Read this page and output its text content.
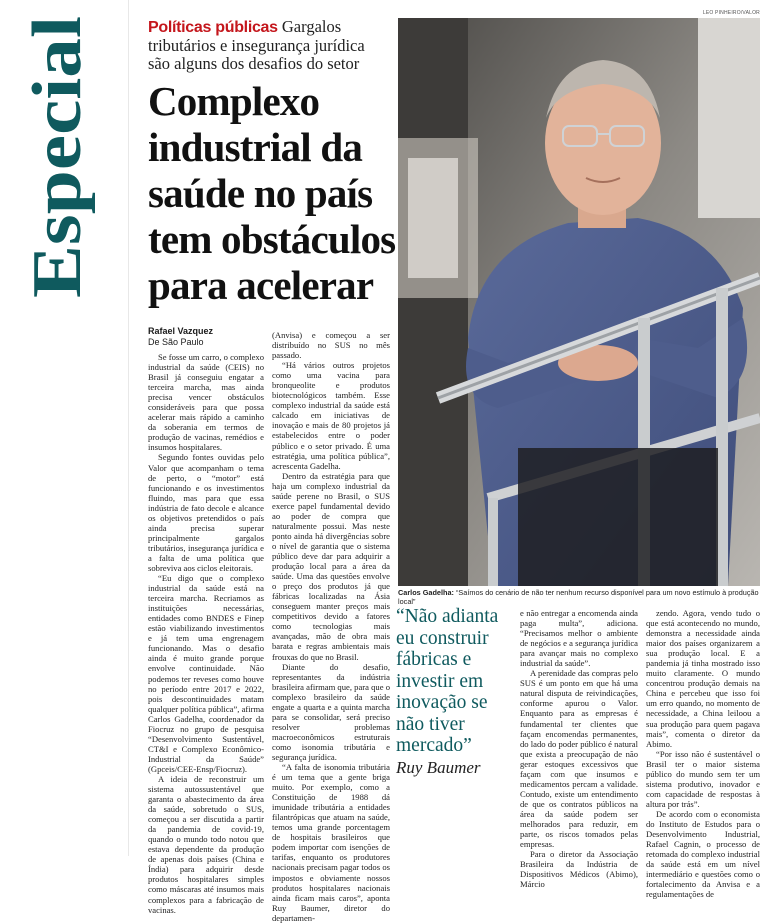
Especial
Políticas públicas Gargalos tributários e insegurança jurídica são alguns dos desafios do setor
Complexo industrial da saúde no país tem obstáculos para acelerar
Rafael Vazquez
De São Paulo

Se fosse um carro, o complexo industrial da saúde (CEIS) no Brasil já conseguiu engatar a terceira marcha, mas ainda precisa vencer obstáculos consideráveis para que possa acelerar mais rápido a caminho da soberania em termos de produção de vacinas, remédios e insumos hospitalares.

Segundo fontes ouvidas pelo Valor que acompanham o tema de perto, o “motor” está funcionando e os investimentos fluindo, mas para que essa indústria de fato decole e alcance os objetivos pretendidos o país ainda precisa superar principalmente gargalos tributários, insegurança jurídica e a falta de uma política que sobreviva aos ciclos eleitorais.

“Eu digo que o complexo industrial da saúde está na terceira marcha. Recriamos as instituições necessárias, entidades como BNDES e Finep estão viabilizando investimentos e já tem uma engrenagem funcionando. Mas o desafio ainda é muito grande porque envolve continuidade. Não podemos ter reveses como houve no período entre 2017 e 2022, pois descontinuidades matam qualquer política pública”, afirma Carlos Gadelha, coordenador da Fiocruz no grupo de pesquisa “Desenvolvimento Sustentável, CT&I e Complexo Econômico-Industrial da Saúde” (Gpceis/CEE-Ensp/Fiocruz).

A ideia de reconstruir um sistema autossustentável que garanta o abastecimento da área da saúde, sobretudo o SUS, começou a ser discutida a partir da pandemia de covid-19, quando o mundo todo notou que estava dependente da produção de apenas dois países (China e Índia) para adquirir desde produtos hospitalares simples como máscaras até insumos mais complexos para a fabricação de vacinas.

(Anvisa) e começou a ser distribuído no SUS no mês passado.

“Há vários outros projetos como uma vacina para bronqueolite e produtos biotecnológicos também. Esse complexo industrial da saúde está calcado em iniciativas de inovação e mais de 80 projetos já estabelecidos entre o poder público e o setor privado. É uma estratégia, uma política pública”, acrescenta Gadelha.

Dentro da estratégia para que haja um complexo industrial da saúde perene no Brasil, o SUS exerce papel fundamental devido ao poder de compra que naturalmente possui. Mas neste ponto ainda há divergências sobre o nível de garantia que o sistema público deve dar para adquirir a produção local para a área da saúde. Uma das questões envolve o preço dos produtos já que fábricas localizadas na Ásia conseguem manter preços mais competitivos devido a fatores como tecnologias mais avançadas, mão de obra mais barata e regras ambientais mais frouxas do que no Brasil.

Diante do desafio, representantes da indústria brasileira afirmam que, para que o complexo brasileiro da saúde engate a quarta e a quinta marcha para se consolidar, será preciso resolver problemas macroeconômicos estruturais como isonomia tributária e segurança jurídica.

“A falta de isonomia tributária é um tema que a gente briga muito. Por exemplo, como a Constituição de 1988 dá imunidade tributária a entidades filantrópicas que atuam na saúde, temos uma grande porcentagem de hospitais brasileiros que podem importar com isenções de tarifas, enquanto os produtores nacionais precisam pagar todos os impostos e obviamente nossos produtos hospitalares nacionais ainda ficam mais caros”, aponta Ruy Baumer, diretor do departamen-

LEO PINHEIRO/VALOR
Carlos Gadelha: “Saímos do cenário de não ter nenhum recurso disponível para um novo estímulo à produção local”
“Não adianta eu construir fábricas e investir em inovação se não tiver mercado”
Ruy Baumer

e não entregar a encomenda ainda paga multa”, adiciona. “Precisamos melhor o ambiente de negócios e a segurança jurídica para avançar mais no complexo industrial da saúde”.

A perenidade das compras pelo SUS é um ponto em que há uma natural disputa de reivindicações, conforme apurou o Valor. Enquanto para as empresas é fundamental ter clientes que façam encomendas permanentes, do lado do poder público é natural que exista a preocupação de não gerar estoques excessivos que façam com que insumos e medicamentos percam a validade. Contudo, existe um entendimento de que os contratos públicos na área da saúde podem ser melhorados para reduzir, em parte, os riscos tomados pelas empresas.

Para o diretor da Associação Brasileira da Indústria de Dispositivos Médicos (Abimo), Márcio

zendo. Agora, vendo tudo o que está acontecendo no mundo, demonstra a necessidade ainda maior dos países organizarem a sua produção local. E a pandemia já tinha mostrado isso muito claramente. O mundo concentrou produção demais na China e percebeu que isso foi um erro quando, no momento de necessidade, a China leiloou a sua produção para quem pagava mais”, comenta o diretor da Abimo.

“Por isso não é sustentável o Brasil ter o maior sistema público do mundo sem ter um sistema produtivo, inovador e com capacidade de respostas à altura por trás”.

De acordo com o economista do Instituto de Estudos para o Desenvolvimento Industrial, Rafael Cagnin, o processo de retomada do complexo industrial da saúde está em um nível intermediário e questões como o fortalecimento da Anvisa e a regulamentações de
